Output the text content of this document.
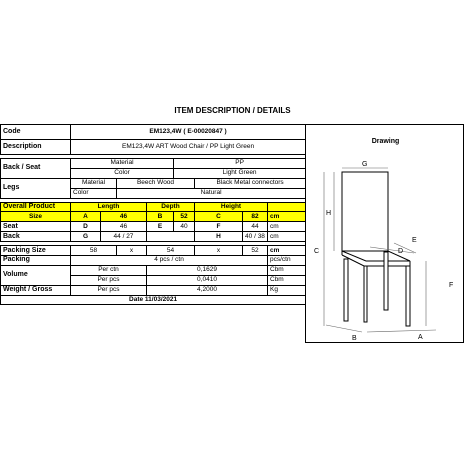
ITEM DESCRIPTION / DETAILS
Code	EM123,4W ( E-00020847 )							
Description	EM123,4W ART Wood Chair / PP Light Green							

Back / Seat	Material				PP			
	Color				Light Green			
Legs	Material		Beech Wood			Black Metal connectors		
	Color		Natural					

Overall Product	Length			Depth		Height		
Size	A	46		B	52	C	82	cm
Seat	D	46		E	40	F	44	cm
Back	G	44 / 27				H	40 / 38	cm

Packing Size	58		x	54		x	52	cm
Packing	4 pcs / ctn							pcs/ctn
Volume	Per ctn			0,1629				Cbm
	Per pcs			0,0410				Cbm
Weight / Gross	Per pcs			4,2000				Kg
Date 11/03/2021								
Drawing
G
H
C	D
E
F
B	A
